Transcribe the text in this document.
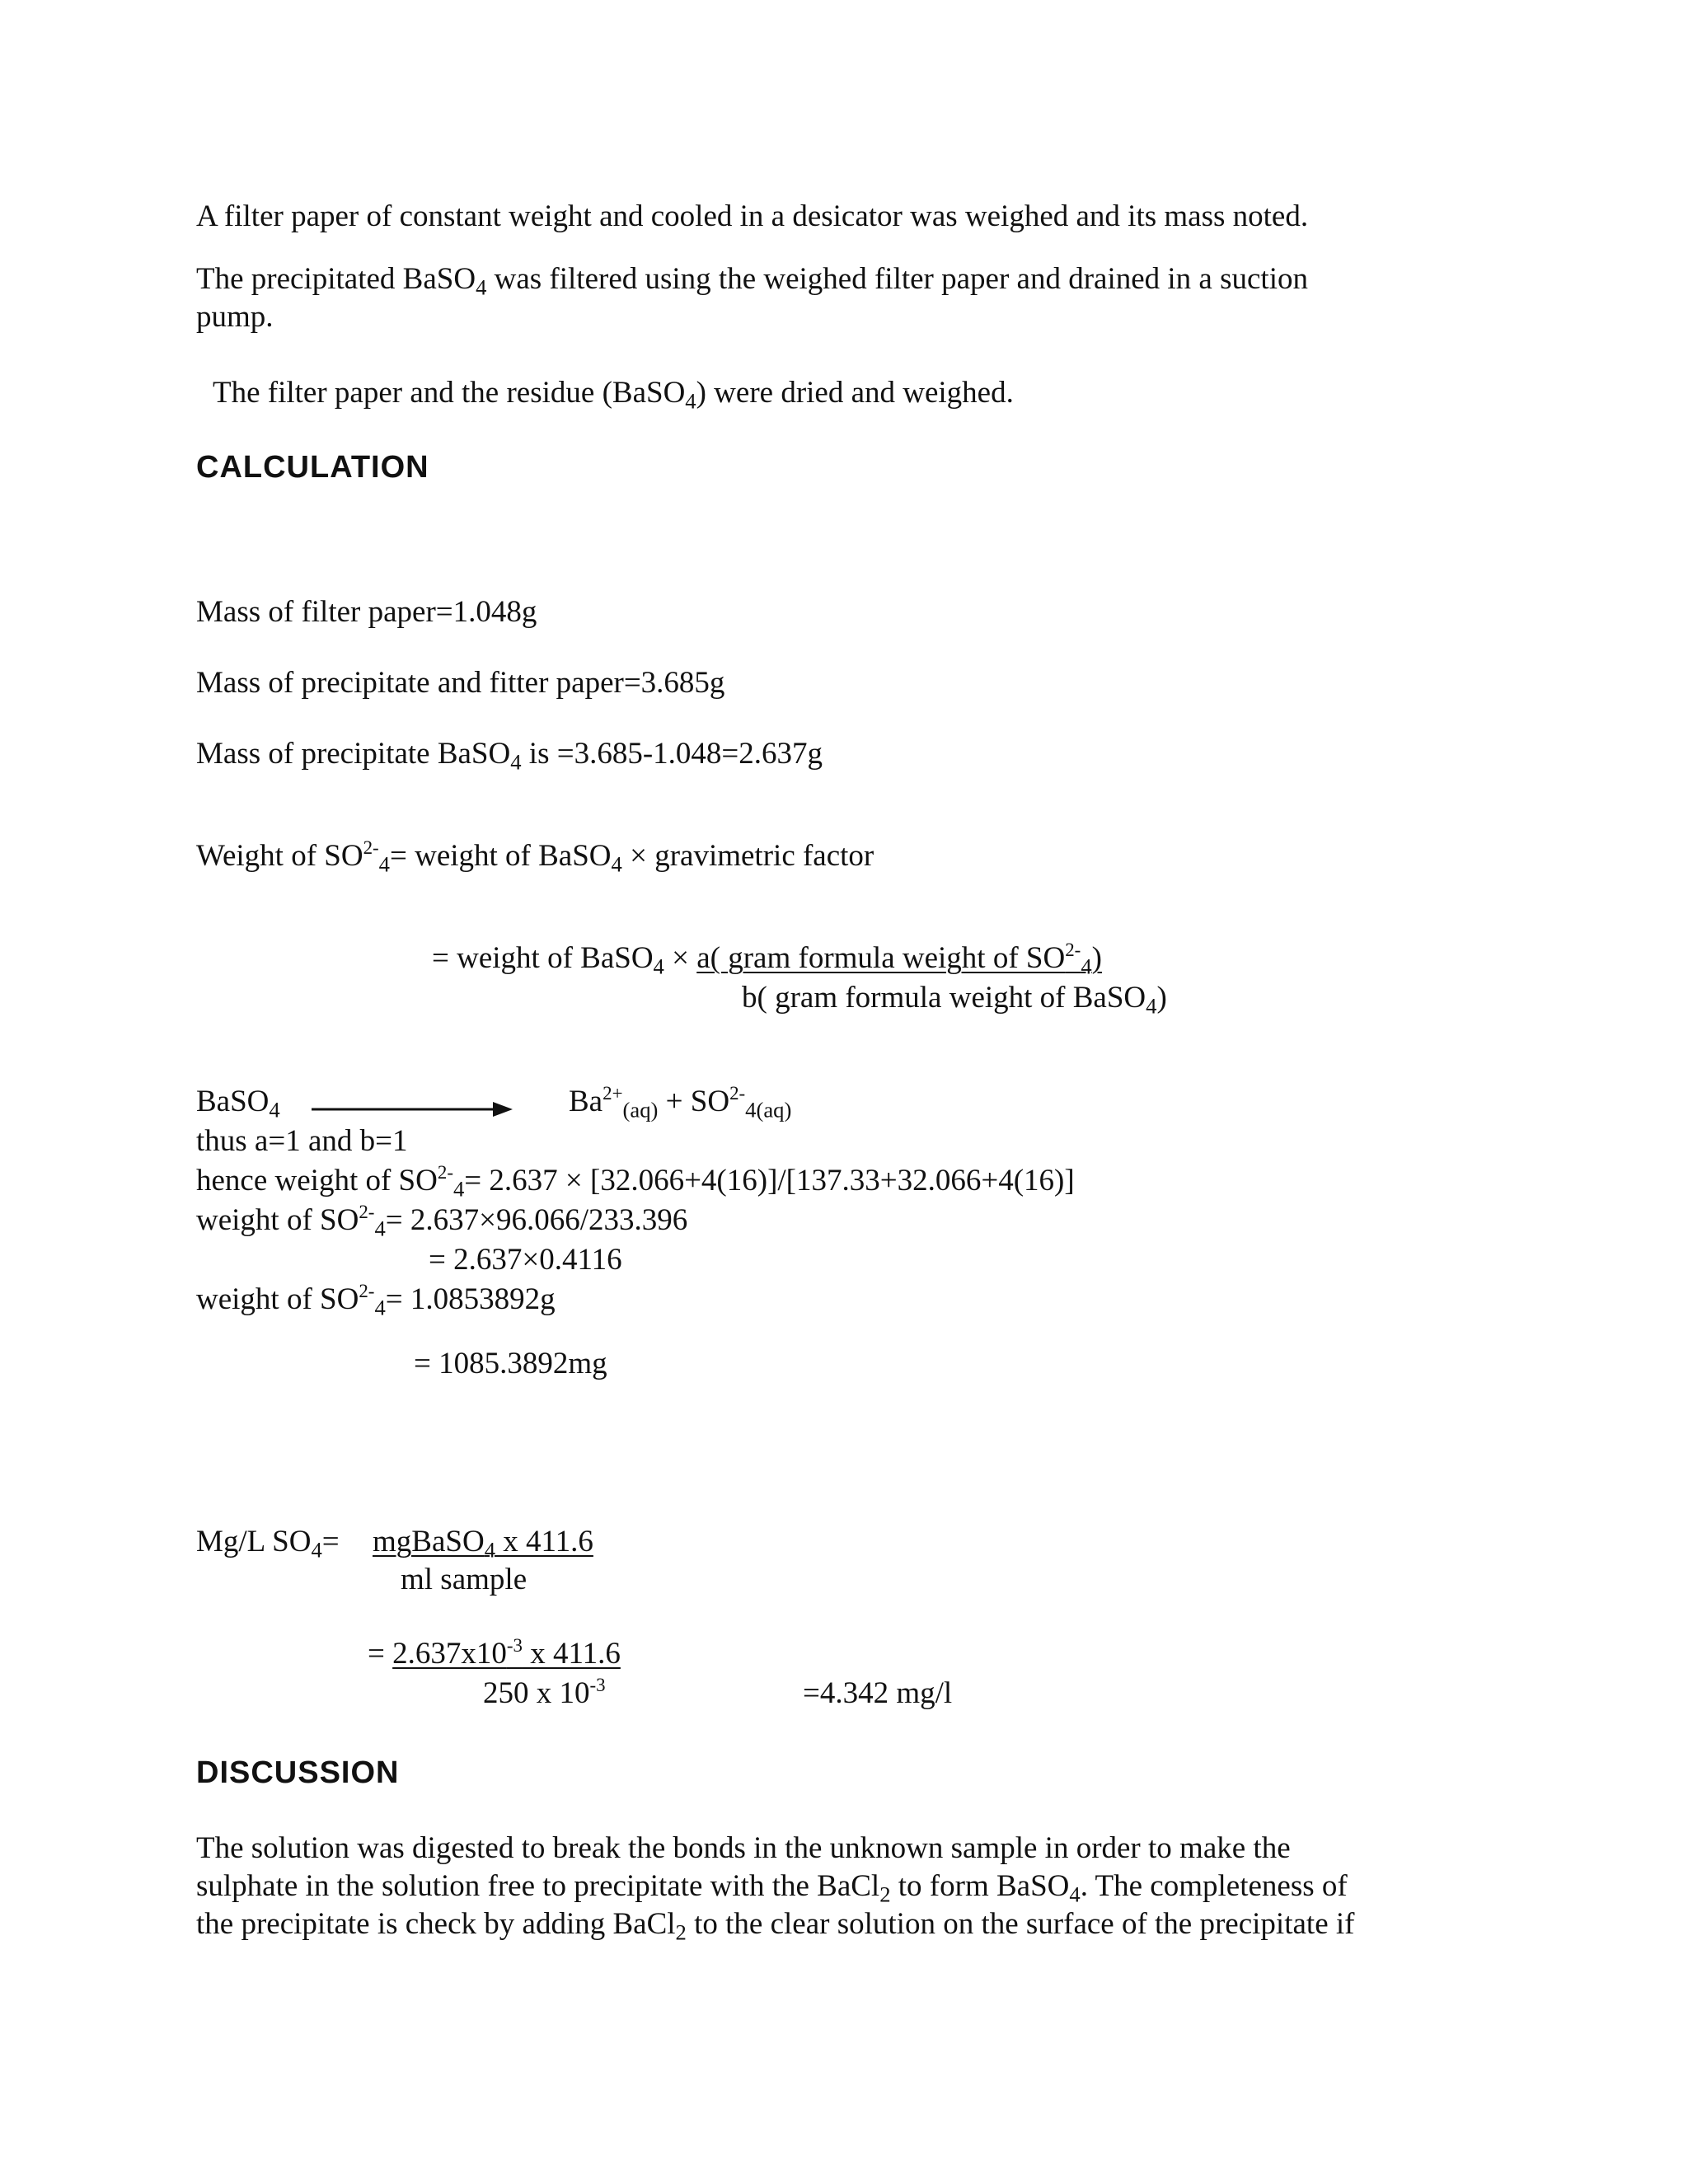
A filter paper of constant weight and cooled in a desicator was weighed and its mass noted.
The precipitated BaSO$_4$ was filtered using the weighed filter paper and drained in a suction
pump.
The filter paper and the residue (BaSO$_4$) were dried and weighed.
CALCULATION
Mass of filter paper=1.048g
Mass of precipitate and fitter paper=3.685g
Mass of precipitate BaSO$_4$ is =3.685-1.048=2.637g
Weight of $SO^{2-}_4=$ weight of BaSO$_4$ × gravimetric factor
= weight of BaSO$_4$ × a( gram formula weight of $SO^{2-}_4$)
b( gram formula weight of BaSO$_4$)
BaSO$_4$	$Ba^{2+}_{(aq)} + SO^{2-}_{4(aq)}$
thus a=1 and b=1
hence weight of $SO^{2-}_4= 2.637 \times [32.066+4(16)]/[137.33+32.066+4(16)]$
weight of $SO^{2-}_4= 2.637\times 96.066/233.396$
= 2.637×0.4116
weight of $SO^{2-}_4= 1.0853892g$
= 1085.3892mg
Mg/L $SO_4=$ mgBaSO$_4$ x 411.6
ml sample
= $2.637x10^{-3}$ x 411.6
250 x $10^{-3}$	=4.342 mg/l
DISCUSSION
The solution was digested to break the bonds in the unknown sample in order to make the
sulphate in the solution free to precipitate with the BaCl$_2$ to form BaSO$_4$. The completeness of
the precipitate is check by adding BaCl$_2$ to the clear solution on the surface of the precipitate if
